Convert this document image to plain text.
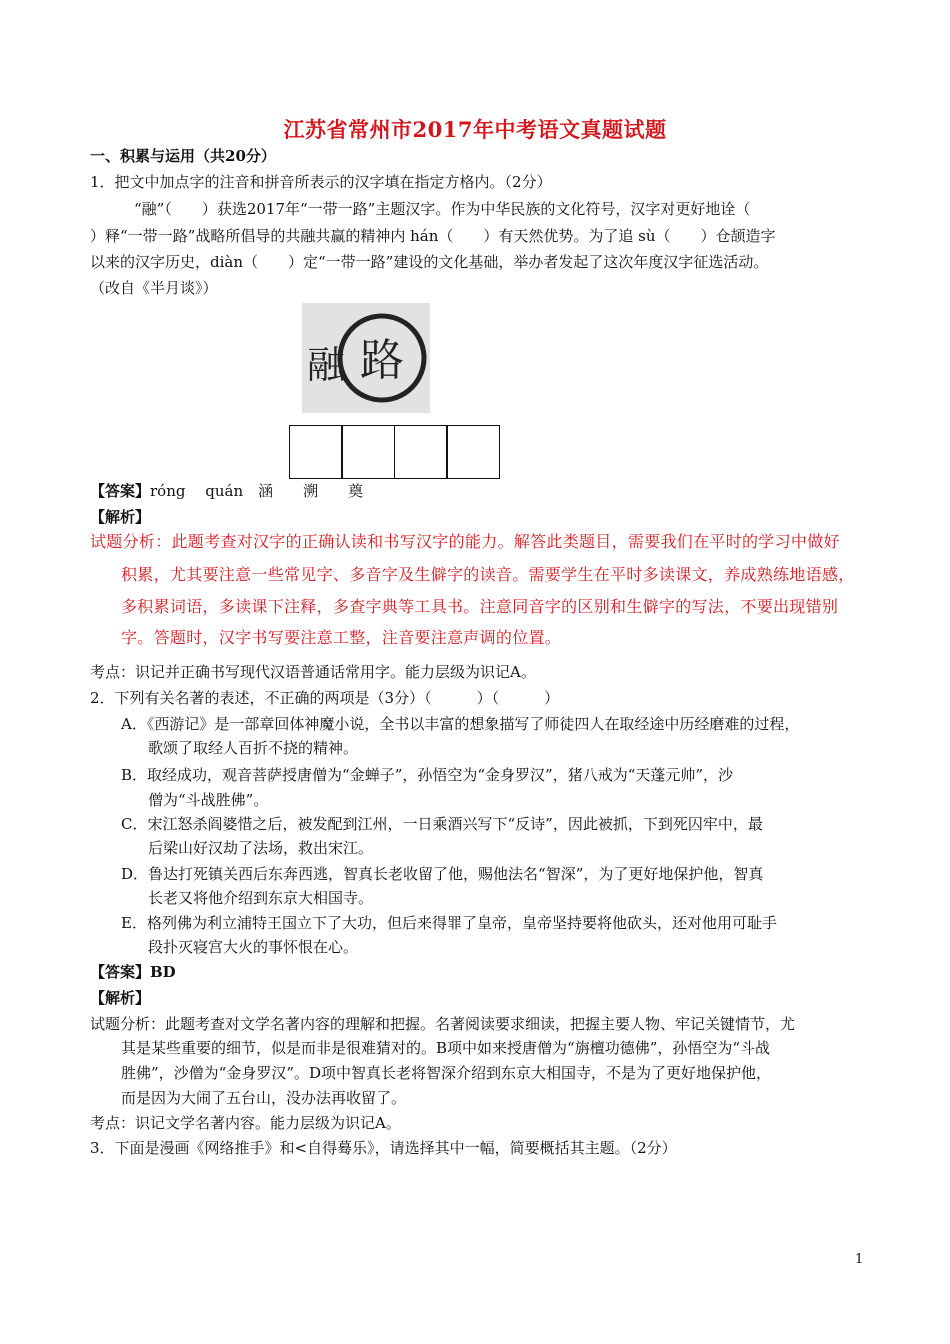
江苏省常州市2017年中考语文真题试题
一、积累与运用（共20分）
1．把文中加点字的注音和拼音所表示的汉字填在指定方格内。（2分）
“融”（　　）获选2017年“一带一路”主题汉字。作为中华民族的文化符号，汉字对更好地诠（
）释“一带一路”战略所倡导的共融共赢的精神内 hán（　　）有天然优势。为了追 sù（　　）仓颉造字
以来的汉字历史，diàn（　　）定“一带一路”建设的文化基础，举办者发起了这次年度汉字征选活动。
（改自《半月谈》）
路
融
【答案】róng　 quán　涵　　溯　　奠
【解析】
试题分析：此题考查对汉字的正确认读和书写汉字的能力。解答此类题目，需要我们在平时的学习中做好
积累，尤其要注意一些常见字、多音字及生僻字的读音。需要学生在平时多读课文，养成熟练地语感，
多积累词语，多读课下注释，多查字典等工具书。注意同音字的区别和生僻字的写法，不要出现错别
字。答题时，汉字书写要注意工整，注音要注意声调的位置。
考点：识记并正确书写现代汉语普通话常用字。能力层级为识记A。
2．下列有关名著的表述，不正确的两项是（3分）（　　　）（　　　）
A．《西游记》是一部章回体神魔小说，全书以丰富的想象描写了师徒四人在取经途中历经磨难的过程，
歌颂了取经人百折不挠的精神。
B．取经成功，观音菩萨授唐僧为“金蝉子”，孙悟空为“金身罗汉”，猪八戒为“天蓬元帅”，沙
僧为“斗战胜佛”。
C．宋江怒杀阎婆惜之后，被发配到江州，一日乘酒兴写下“反诗”，因此被抓，下到死囚牢中，最
后梁山好汉劫了法场，救出宋江。
D．鲁达打死镇关西后东奔西逃，智真长老收留了他，赐他法名“智深”，为了更好地保护他，智真
长老又将他介绍到东京大相国寺。
E．格列佛为利立浦特王国立下了大功，但后来得罪了皇帝，皇帝坚持要将他砍头，还对他用可耻手
段扑灭寝宫大火的事怀恨在心。
【答案】BD
【解析】
试题分析：此题考查对文学名著内容的理解和把握。名著阅读要求细读，把握主要人物、牢记关键情节，尤
其是某些重要的细节，似是而非是很难猜对的。B项中如来授唐僧为“旃檀功德佛”，孙悟空为“斗战
胜佛”，沙僧为“金身罗汉”。D项中智真长老将智深介绍到东京大相国寺，不是为了更好地保护他，
而是因为大闹了五台山，没办法再收留了。
考点：识记文学名著内容。能力层级为识记A。
3．下面是漫画《网络推手》和<自得蓦乐》，请选择其中一幅，简要概括其主题。（2分）
1
